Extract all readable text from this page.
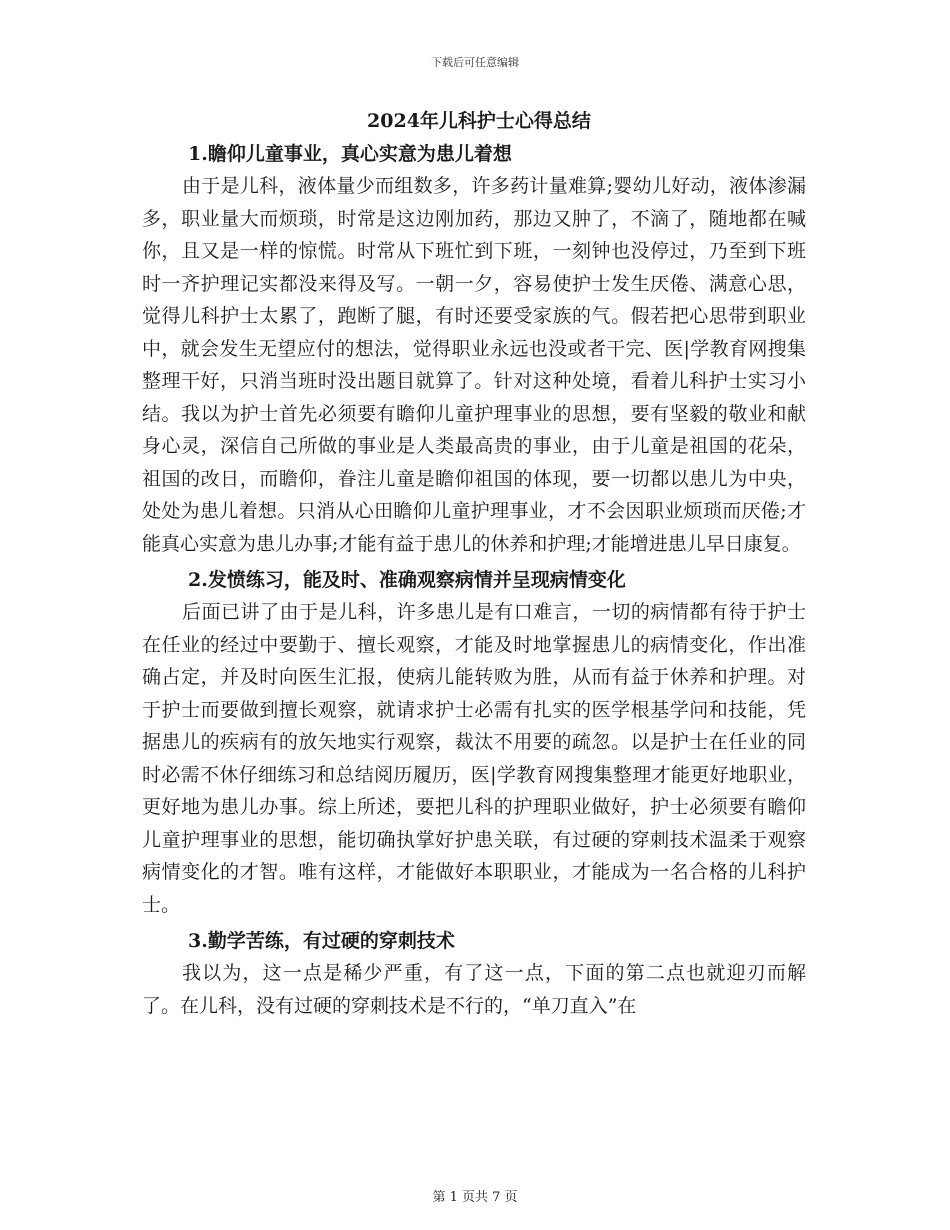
下载后可任意编辑

2024年儿科护士心得总结

1.瞻仰儿童事业，真心实意为患儿着想

由于是儿科，液体量少而组数多，许多药计量难算;婴幼儿好动，液体渗漏多，职业量大而烦琐，时常是这边刚加药，那边又肿了，不滴了，随地都在喊你，且又是一样的惊慌。时常从下班忙到下班，一刻钟也没停过，乃至到下班时一齐护理记实都没来得及写。一朝一夕，容易使护士发生厌倦、满意心思，觉得儿科护士太累了，跑断了腿，有时还要受家族的气。假若把心思带到职业中，就会发生无望应付的想法，觉得职业永远也没或者干完、医|学教育网搜集整理干好，只消当班时没出题目就算了。针对这种处境，看着儿科护士实习小结。我以为护士首先必须要有瞻仰儿童护理事业的思想，要有坚毅的敬业和献身心灵，深信自己所做的事业是人类最高贵的事业，由于儿童是祖国的花朵，祖国的改日，而瞻仰，眷注儿童是瞻仰祖国的体现，要一切都以患儿为中央，处处为患儿着想。只消从心田瞻仰儿童护理事业，才不会因职业烦琐而厌倦;才能真心实意为患儿办事;才能有益于患儿的休养和护理;才能增进患儿早日康复。

2.发愤练习，能及时、准确观察病情并呈现病情变化

后面已讲了由于是儿科，许多患儿是有口难言，一切的病情都有待于护士在任业的经过中要勤于、擅长观察，才能及时地掌握患儿的病情变化，作出准确占定，并及时向医生汇报，使病儿能转败为胜，从而有益于休养和护理。对于护士而要做到擅长观察，就请求护士必需有扎实的医学根基学问和技能，凭据患儿的疾病有的放矢地实行观察，裁汰不用要的疏忽。以是护士在任业的同时必需不休仔细练习和总结阅历履历，医|学教育网搜集整理才能更好地职业，更好地为患儿办事。综上所述，要把儿科的护理职业做好，护士必须要有瞻仰儿童护理事业的思想，能切确执掌好护患关联，有过硬的穿刺技术温柔于观察病情变化的才智。唯有这样，才能做好本职职业，才能成为一名合格的儿科护士。

3.勤学苦练，有过硬的穿刺技术

我以为，这一点是稀少严重，有了这一点，下面的第二点也就迎刃而解了。在儿科，没有过硬的穿刺技术是不行的，“单刀直入”在

第 1 页共 7 页
